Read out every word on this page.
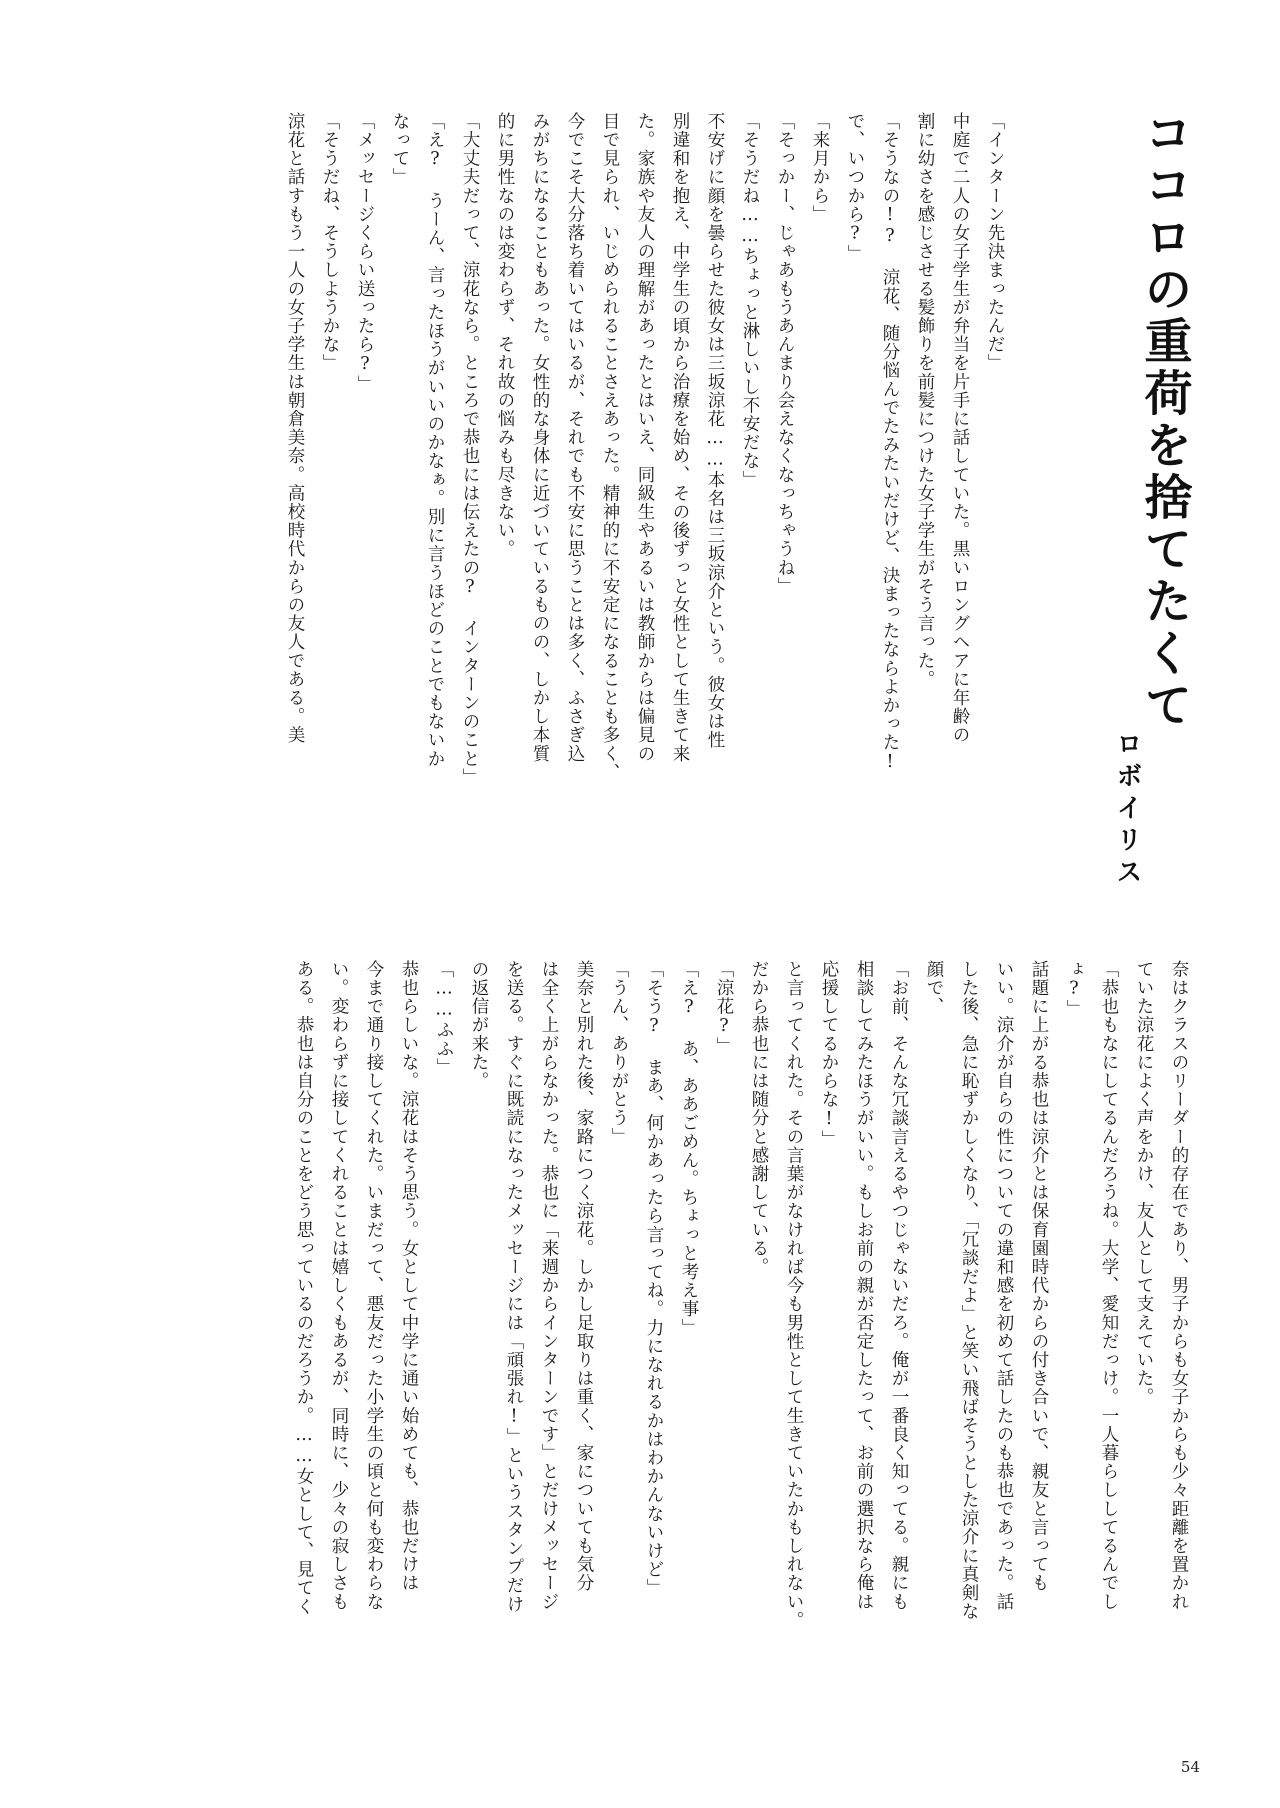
ココロの重荷を捨てたくて
ロボイリス
「インターン先決まったんだ」
中庭で二人の女子学生が弁当を片手に話していた。黒いロングヘアに年齢の
割に幼さを感じさせる髪飾りを前髪につけた女子学生がそう言った。
「そうなの!? 涼花、随分悩んでたみたいだけど、決まったならよかった!
で、いつから?」
「来月から」
「そっかー、じゃあもうあんまり会えなくなっちゃうね」
「そうだね……ちょっと淋しいし不安だな」
不安げに顔を曇らせた彼女は三坂涼花……本名は三坂涼介という。彼女は性
別違和を抱え、中学生の頃から治療を始め、その後ずっと女性として生きて来
た。家族や友人の理解があったとはいえ、同級生やあるいは教師からは偏見の
目で見られ、いじめられることさえあった。精神的に不安定になることも多く、
今でこそ大分落ち着いてはいるが、それでも不安に思うことは多く、ふさぎ込
みがちになることもあった。女性的な身体に近づいているものの、しかし本質
的に男性なのは変わらず、それ故の悩みも尽きない。
「大丈夫だって、涼花なら。ところで恭也には伝えたの? インターンのこと」
「え? うーん、言ったほうがいいのかなぁ。別に言うほどのことでもないか
なって」
「メッセージくらい送ったら?」
「そうだね、そうしようかな」
涼花と話すもう一人の女子学生は朝倉美奈。高校時代からの友人である。美
奈はクラスのリーダー的存在であり、男子からも女子からも少々距離を置かれ
ていた涼花によく声をかけ、友人として支えていた。
「恭也もなにしてるんだろうね。大学、愛知だっけ。一人暮らししてるんでし
ょ?」
話題に上がる恭也は涼介とは保育園時代からの付き合いで、親友と言っても
いい。涼介が自らの性についての違和感を初めて話したのも恭也であった。話
した後、急に恥ずかしくなり、「冗談だよ」と笑い飛ばそうとした涼介に真剣な
顔で、
「お前、そんな冗談言えるやつじゃないだろ。俺が一番良く知ってる。親にも
相談してみたほうがいい。もしお前の親が否定したって、お前の選択なら俺は
応援してるからな!」
と言ってくれた。その言葉がなければ今も男性として生きていたかもしれない。
だから恭也には随分と感謝している。
「涼花?」
「え? あ、ああごめん。ちょっと考え事」
「そう? まあ、何かあったら言ってね。力になれるかはわかんないけど」
「うん、ありがとう」
美奈と別れた後、家路につく涼花。しかし足取りは重く、家についても気分
は全く上がらなかった。恭也に「来週からインターンです」とだけメッセージ
を送る。すぐに既読になったメッセージには「頑張れ!」というスタンプだけ
の返信が来た。
「……ふふ」
恭也らしいな。涼花はそう思う。女として中学に通い始めても、恭也だけは
今まで通り接してくれた。いまだって、悪友だった小学生の頃と何も変わらな
い。変わらずに接してくれることは嬉しくもあるが、同時に、少々の寂しさも
ある。恭也は自分のことをどう思っているのだろうか。……女として、見てく
54
